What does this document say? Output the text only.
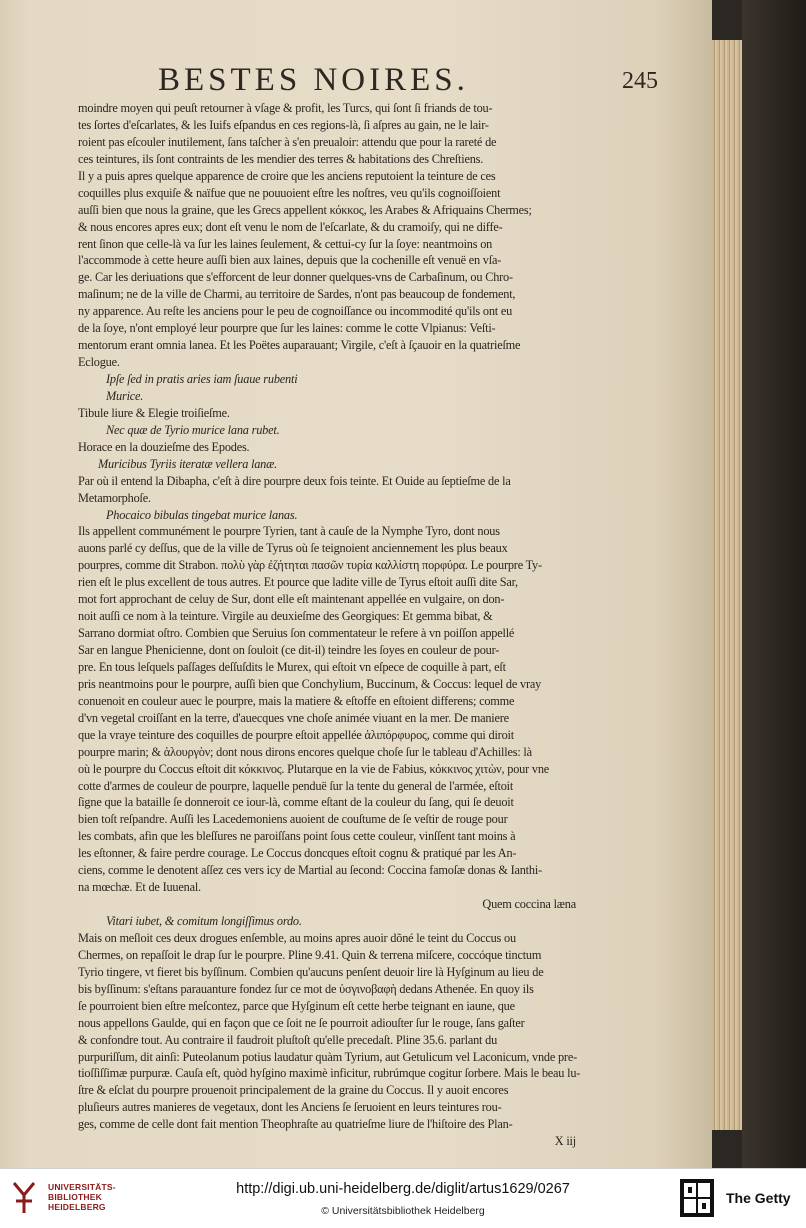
BESTES NOIRES.	245
moindre moyen qui peuſt retourner à vſage & profit, les Turcs, qui ſont ſi friands de tou-
tes ſortes d'eſcarlates, & les Iuifs eſpandus en ces regions-là, ſi aſpres au gain, ne le lair-
roient pas eſcouler inutilement, ſans taſcher à s'en preualoir: attendu que pour la rareté de
ces teintures, ils ſont contraints de les mendier des terres & habitations des Chreſtiens.
Il y a puis apres quelque apparence de croire que les anciens reputoient la teinture de ces
coquilles plus exquiſe & naïfue que ne pouuoient eſtre les noſtres, veu qu'ils cognoiſſoient
auſſi bien que nous la graine, que les Grecs appellent κόκκος, les Arabes & Afriquains Chermes;
& nous encores apres eux; dont eſt venu le nom de l'eſcarlate, & du cramoiſy, qui ne diffe-
rent ſinon que celle-là va ſur les laines ſeulement, & cettui-cy ſur la ſoye: neantmoins on
l'accommode à cette heure auſſi bien aux laines, depuis que la cochenille eſt venuë en vſa-
ge. Car les deriuations que s'efforcent de leur donner quelques-vns de Carbaſinum, ou Chro-
maſinum; ne de la ville de Charmi, au territoire de Sardes, n'ont pas beaucoup de fondement,
ny apparence. Au reſte les anciens pour le peu de cognoiſſance ou incommodité qu'ils ont eu
de la ſoye, n'ont employé leur pourpre que ſur les laines: comme le cotte Vlpianus: Veſti-
mentorum erant omnia lanea. Et les Poëtes auparauant; Virgile, c'eſt à ſçauoir en la quatrieſme
Eclogue.
Ipſe ſed in pratis aries iam ſuaue rubenti
Murice.
Tibule liure & Elegie troiſieſme.
Nec quæ de Tyrio murice lana rubet.
Horace en la douzieſme des Epodes.
Muricibus Tyriis iteratæ vellera lanæ.
Par où il entend la Dibapha, c'eſt à dire pourpre deux fois teinte. Et Ouide au ſeptieſme de la
Metamorphoſe.
Phocaico bibulas tingebat murice lanas.
Ils appellent communément le pourpre Tyrien, tant à cauſe de la Nymphe Tyro, dont nous
auons parlé cy deſſus, que de la ville de Tyrus où ſe teignoient anciennement les plus beaux
pourpres, comme dit Strabon. πολὺ γὰρ ἐζήτηται πασῶν τυρία καλλίστη πορφύρα. Le pourpre Ty-
rien eſt le plus excellent de tous autres. Et pource que ladite ville de Tyrus eſtoit auſſi dite Sar,
mot fort approchant de celuy de Sur, dont elle eſt maintenant appellée en vulgaire, on don-
noit auſſi ce nom à la teinture. Virgile au deuxieſme des Georgiques: Et gemma bibat, &
Sarrano dormiat oſtro. Combien que Seruius ſon commentateur le refere à vn poiſſon appellé
Sar en langue Phenicienne, dont on ſouloit (ce dit-il) teindre les ſoyes en couleur de pour-
pre. En tous leſquels paſſages deſſuſdits le Murex, qui eſtoit vn eſpece de coquille à part, eſt
pris neantmoins pour le pourpre, auſſi bien que Conchylium, Buccinum, & Coccus: lequel de vray
conuenoit en couleur auec le pourpre, mais la matiere & eſtoffe en eſtoient differens; comme
d'vn vegetal croiſſant en la terre, d'auecques vne choſe animée viuant en la mer. De maniere
que la vraye teinture des coquilles de pourpre eſtoit appellée ἁλιπόρφυρος, comme qui diroit
pourpre marin; & ἁλουργὸν; dont nous dirons encores quelque choſe ſur le tableau d'Achilles: là
où le pourpre du Coccus eſtoit dit κόκκινος. Plutarque en la vie de Fabius, κόκκινος χιτὼν, pour vne
cotte d'armes de couleur de pourpre, laquelle penduë ſur la tente du general de l'armée, eſtoit
ſigne que la bataille ſe donneroit ce iour-là, comme eſtant de la couleur du ſang, qui ſe deuoit
bien toſt reſpandre. Auſſi les Lacedemoniens auoient de couſtume de ſe veſtir de rouge pour
les combats, afin que les bleſſures ne paroiſſans point ſous cette couleur, vinſſent tant moins à
les eſtonner, & faire perdre courage. Le Coccus doncques eſtoit cognu & pratiqué par les An-
ciens, comme le denotent aſſez ces vers icy de Martial au ſecond: Coccina famoſæ donas & Ianthi-
na mœchæ. Et de Iuuenal.
Quem coccina læna
Vitari iubet, & comitum longiſſimus ordo.
Mais on meſloit ces deux drogues enſemble, au moins apres auoir dõné le teint du Coccus ou
Chermes, on repaſſoit le drap ſur le pourpre. Pline 9.41. Quin & terrena miſcere, coccóque tinctum
Tyrio tingere, vt fieret bis byſſinum. Combien qu'aucuns penſent deuoir lire là Hyſginum au lieu de
bis byſſinum: s'eſtans parauanture fondez ſur ce mot de ὑσγινοβαφὴ dedans Athenée. En quoy ils
ſe pourroient bien eſtre meſcontez, parce que Hyſginum eſt cette herbe teignant en iaune, que
nous appellons Gaulde, qui en façon que ce ſoit ne ſe pourroit adiouſter ſur le rouge, ſans gaſter
& confondre tout. Au contraire il faudroit pluſtoſt qu'elle precedaſt. Pline 35.6. parlant du
purpuriſſum, dit ainſi: Puteolanum potius laudatur quàm Tyrium, aut Getulicum vel Laconicum, vnde pre-
tioſſiſſimæ purpuræ. Cauſa eſt, quòd hyſgino maximè inficitur, rubrúmque cogitur ſorbere. Mais le beau lu-
ſtre & eſclat du pourpre prouenoit principalement de la graine du Coccus. Il y auoit encores
pluſieurs autres manieres de vegetaux, dont les Anciens ſe ſeruoient en leurs teintures rou-
ges, comme de celle dont fait mention Theophraſte au quatrieſme liure de l'hiſtoire des Plan-
X iij
UNIVERSITÄTS-
BIBLIOTHEK
HEIDELBERG
http://digi.ub.uni-heidelberg.de/diglit/artus1629/0267
© Universitätsbibliothek Heidelberg
The Getty
